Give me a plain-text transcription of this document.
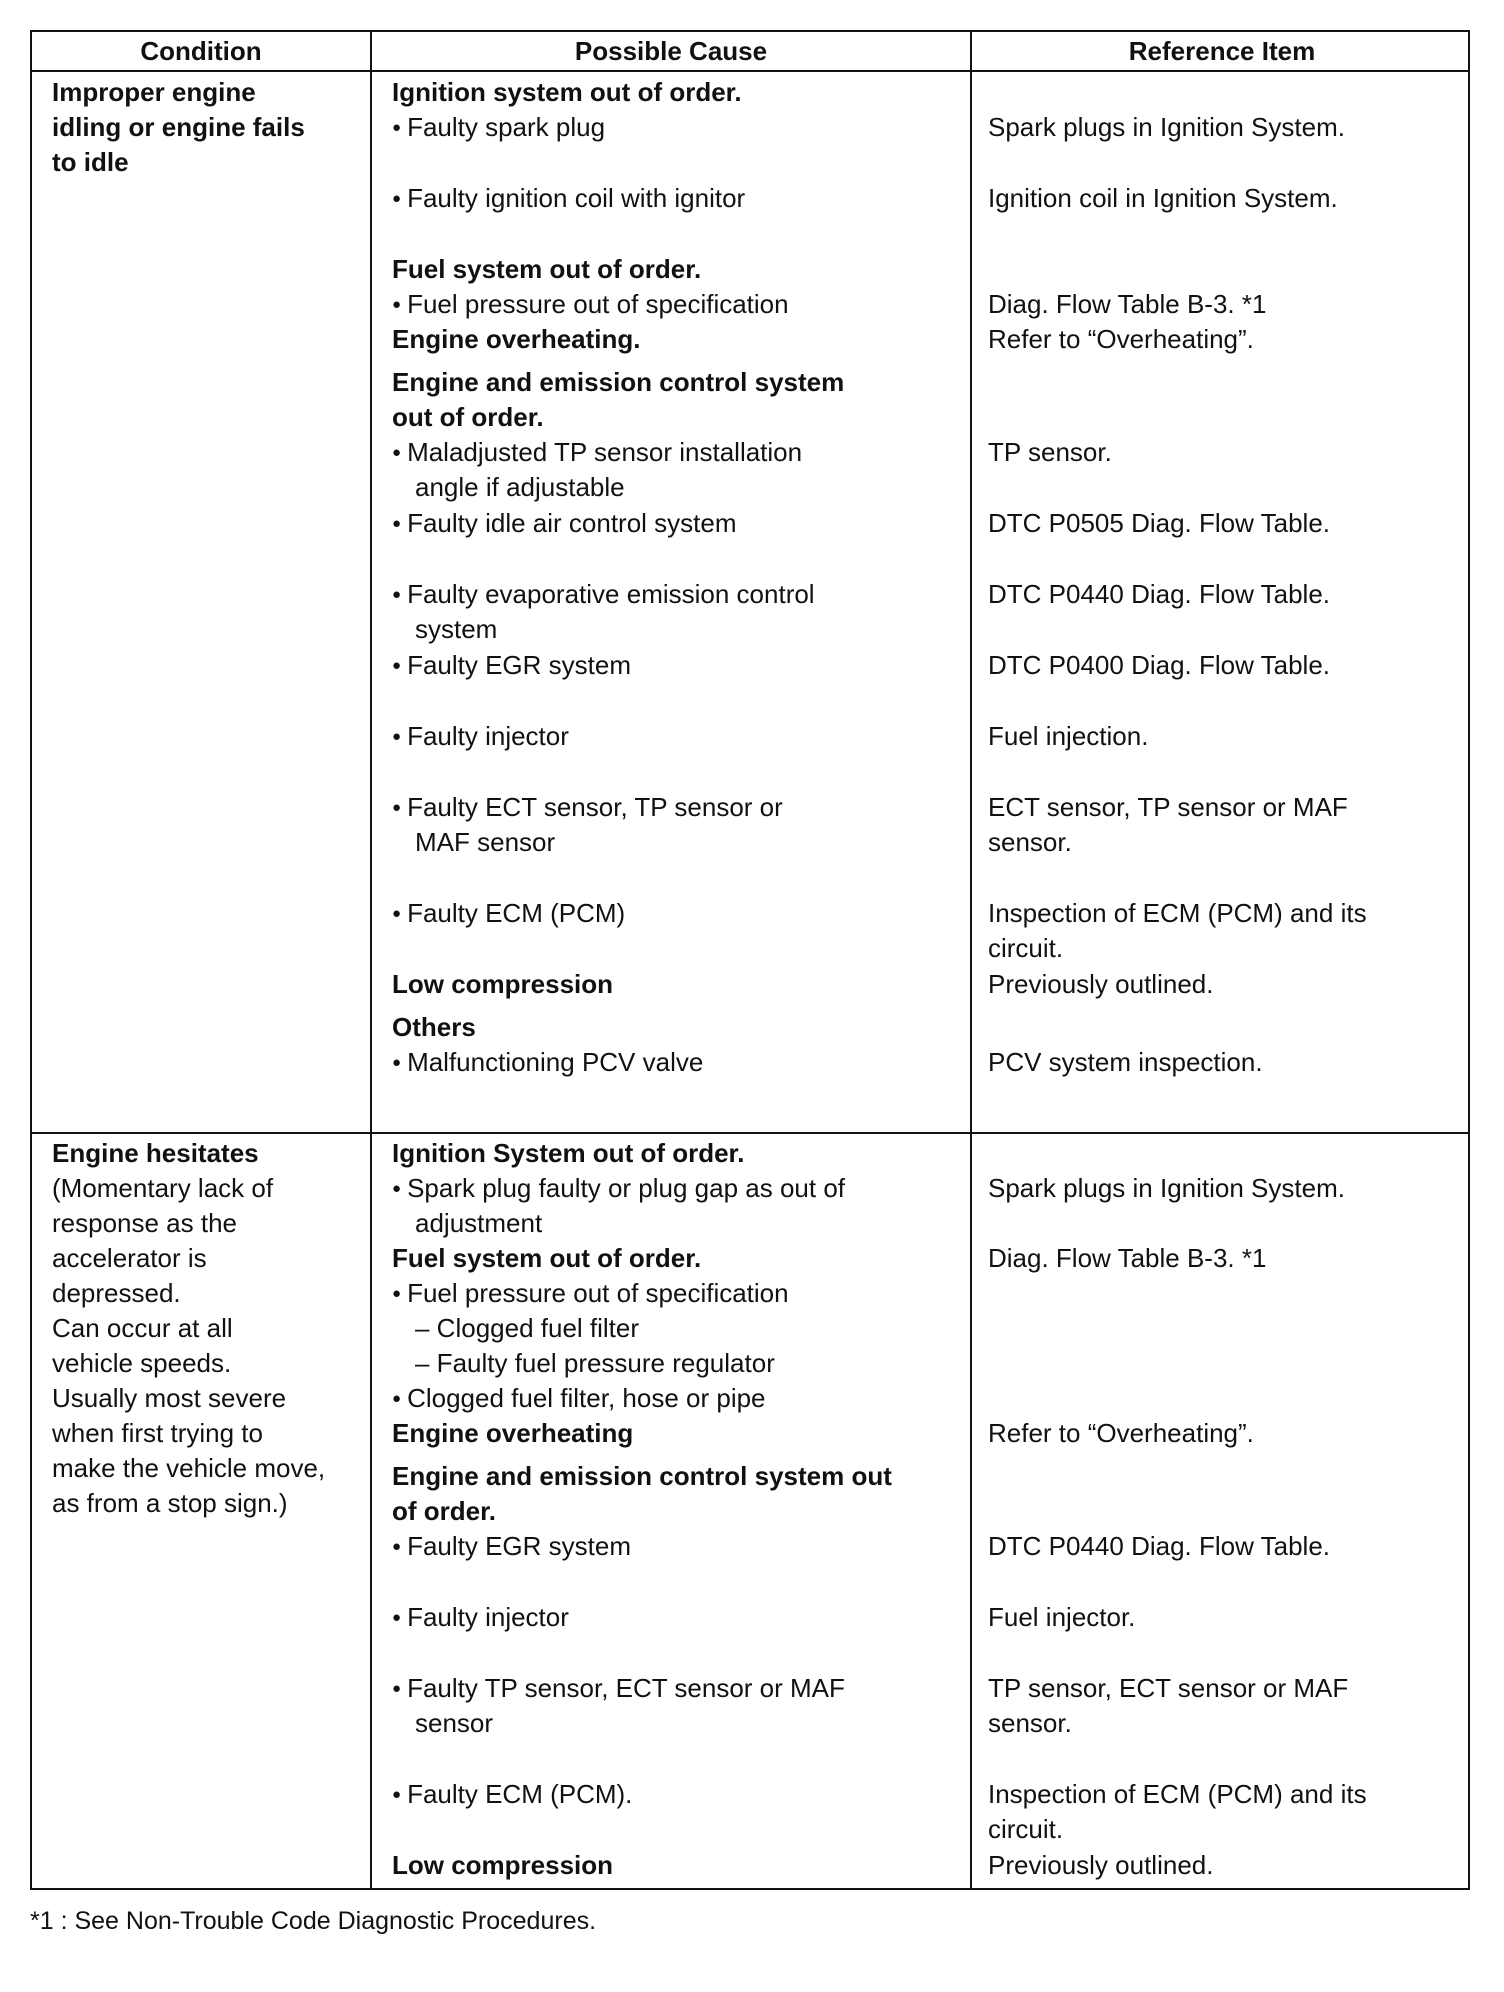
Condition	Possible Cause	Reference Item
Improper engine
idling or engine fails
to idle
Ignition system out of order.
● Faulty spark plug
● Faulty ignition coil with ignitor
Fuel system out of order.
● Fuel pressure out of specification
Engine overheating.
Engine and emission control system
out of order.
● Maladjusted TP sensor installation
angle if adjustable
● Faulty idle air control system
● Faulty evaporative emission control
system
● Faulty EGR system
● Faulty injector
● Faulty ECT sensor, TP sensor or
MAF sensor
● Faulty ECM (PCM)
Low compression
Others
● Malfunctioning PCV valve
Spark plugs in Ignition System.
Ignition coil in Ignition System.
Diag. Flow Table B-3. *1
Refer to “Overheating”.
TP sensor.
DTC P0505 Diag. Flow Table.
DTC P0440 Diag. Flow Table.
DTC P0400 Diag. Flow Table.
Fuel injection.
ECT sensor, TP sensor or MAF
sensor.
Inspection of ECM (PCM) and its
circuit.
Previously outlined.
PCV system inspection.
Engine hesitates
(Momentary lack of
response as the
accelerator is
depressed.
Can occur at all
vehicle speeds.
Usually most severe
when first trying to
make the vehicle move,
as from a stop sign.)
Ignition System out of order.
● Spark plug faulty or plug gap as out of
adjustment
Fuel system out of order.
● Fuel pressure out of specification
– Clogged fuel filter
– Faulty fuel pressure regulator
● Clogged fuel filter, hose or pipe
Engine overheating
Engine and emission control system out
of order.
● Faulty EGR system
● Faulty injector
● Faulty TP sensor, ECT sensor or MAF
sensor
● Faulty ECM (PCM).
Low compression
Spark plugs in Ignition System.
Diag. Flow Table B-3. *1
Refer to “Overheating”.
DTC P0440 Diag. Flow Table.
Fuel injector.
TP sensor, ECT sensor or MAF
sensor.
Inspection of ECM (PCM) and its
circuit.
Previously outlined.
*1 : See Non-Trouble Code Diagnostic Procedures.
